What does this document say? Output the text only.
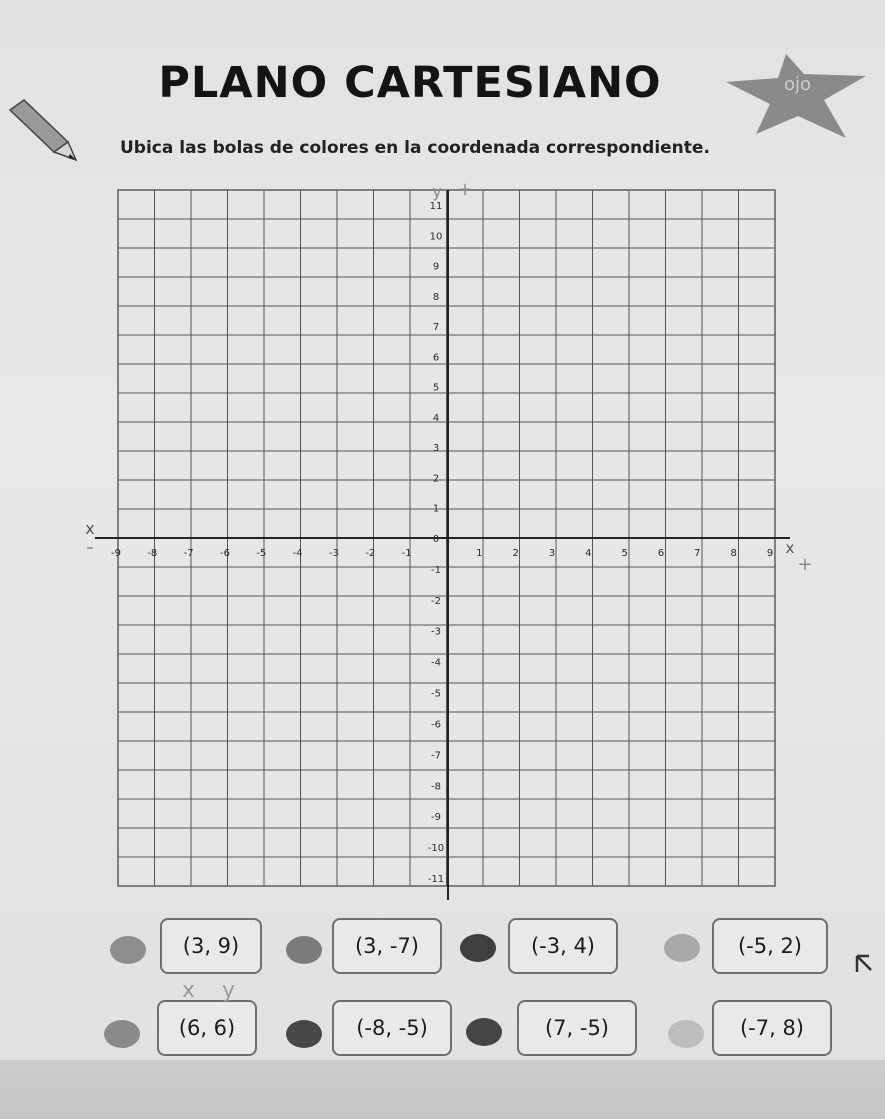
PLANO CARTESIANO	ojo
Ubica las bolas de colores en la coordenada correspondiente.
-9	-8	-7	-6	-5	-4	-3	-2	-1	1	2	3	4	5	6	7	8	9
11
10
9
8
7
6
5
4
3
2
1
0
-1
-2
-3
-4
-5
-6
-7
-8
-9
-10
-11
y +
x
–	x
+
(3, 9)	(3, -7)	(-3, 4)	(-5, 2)
(6, 6)	(-8, -5)	(7, -5)	(-7, 8)
x y
